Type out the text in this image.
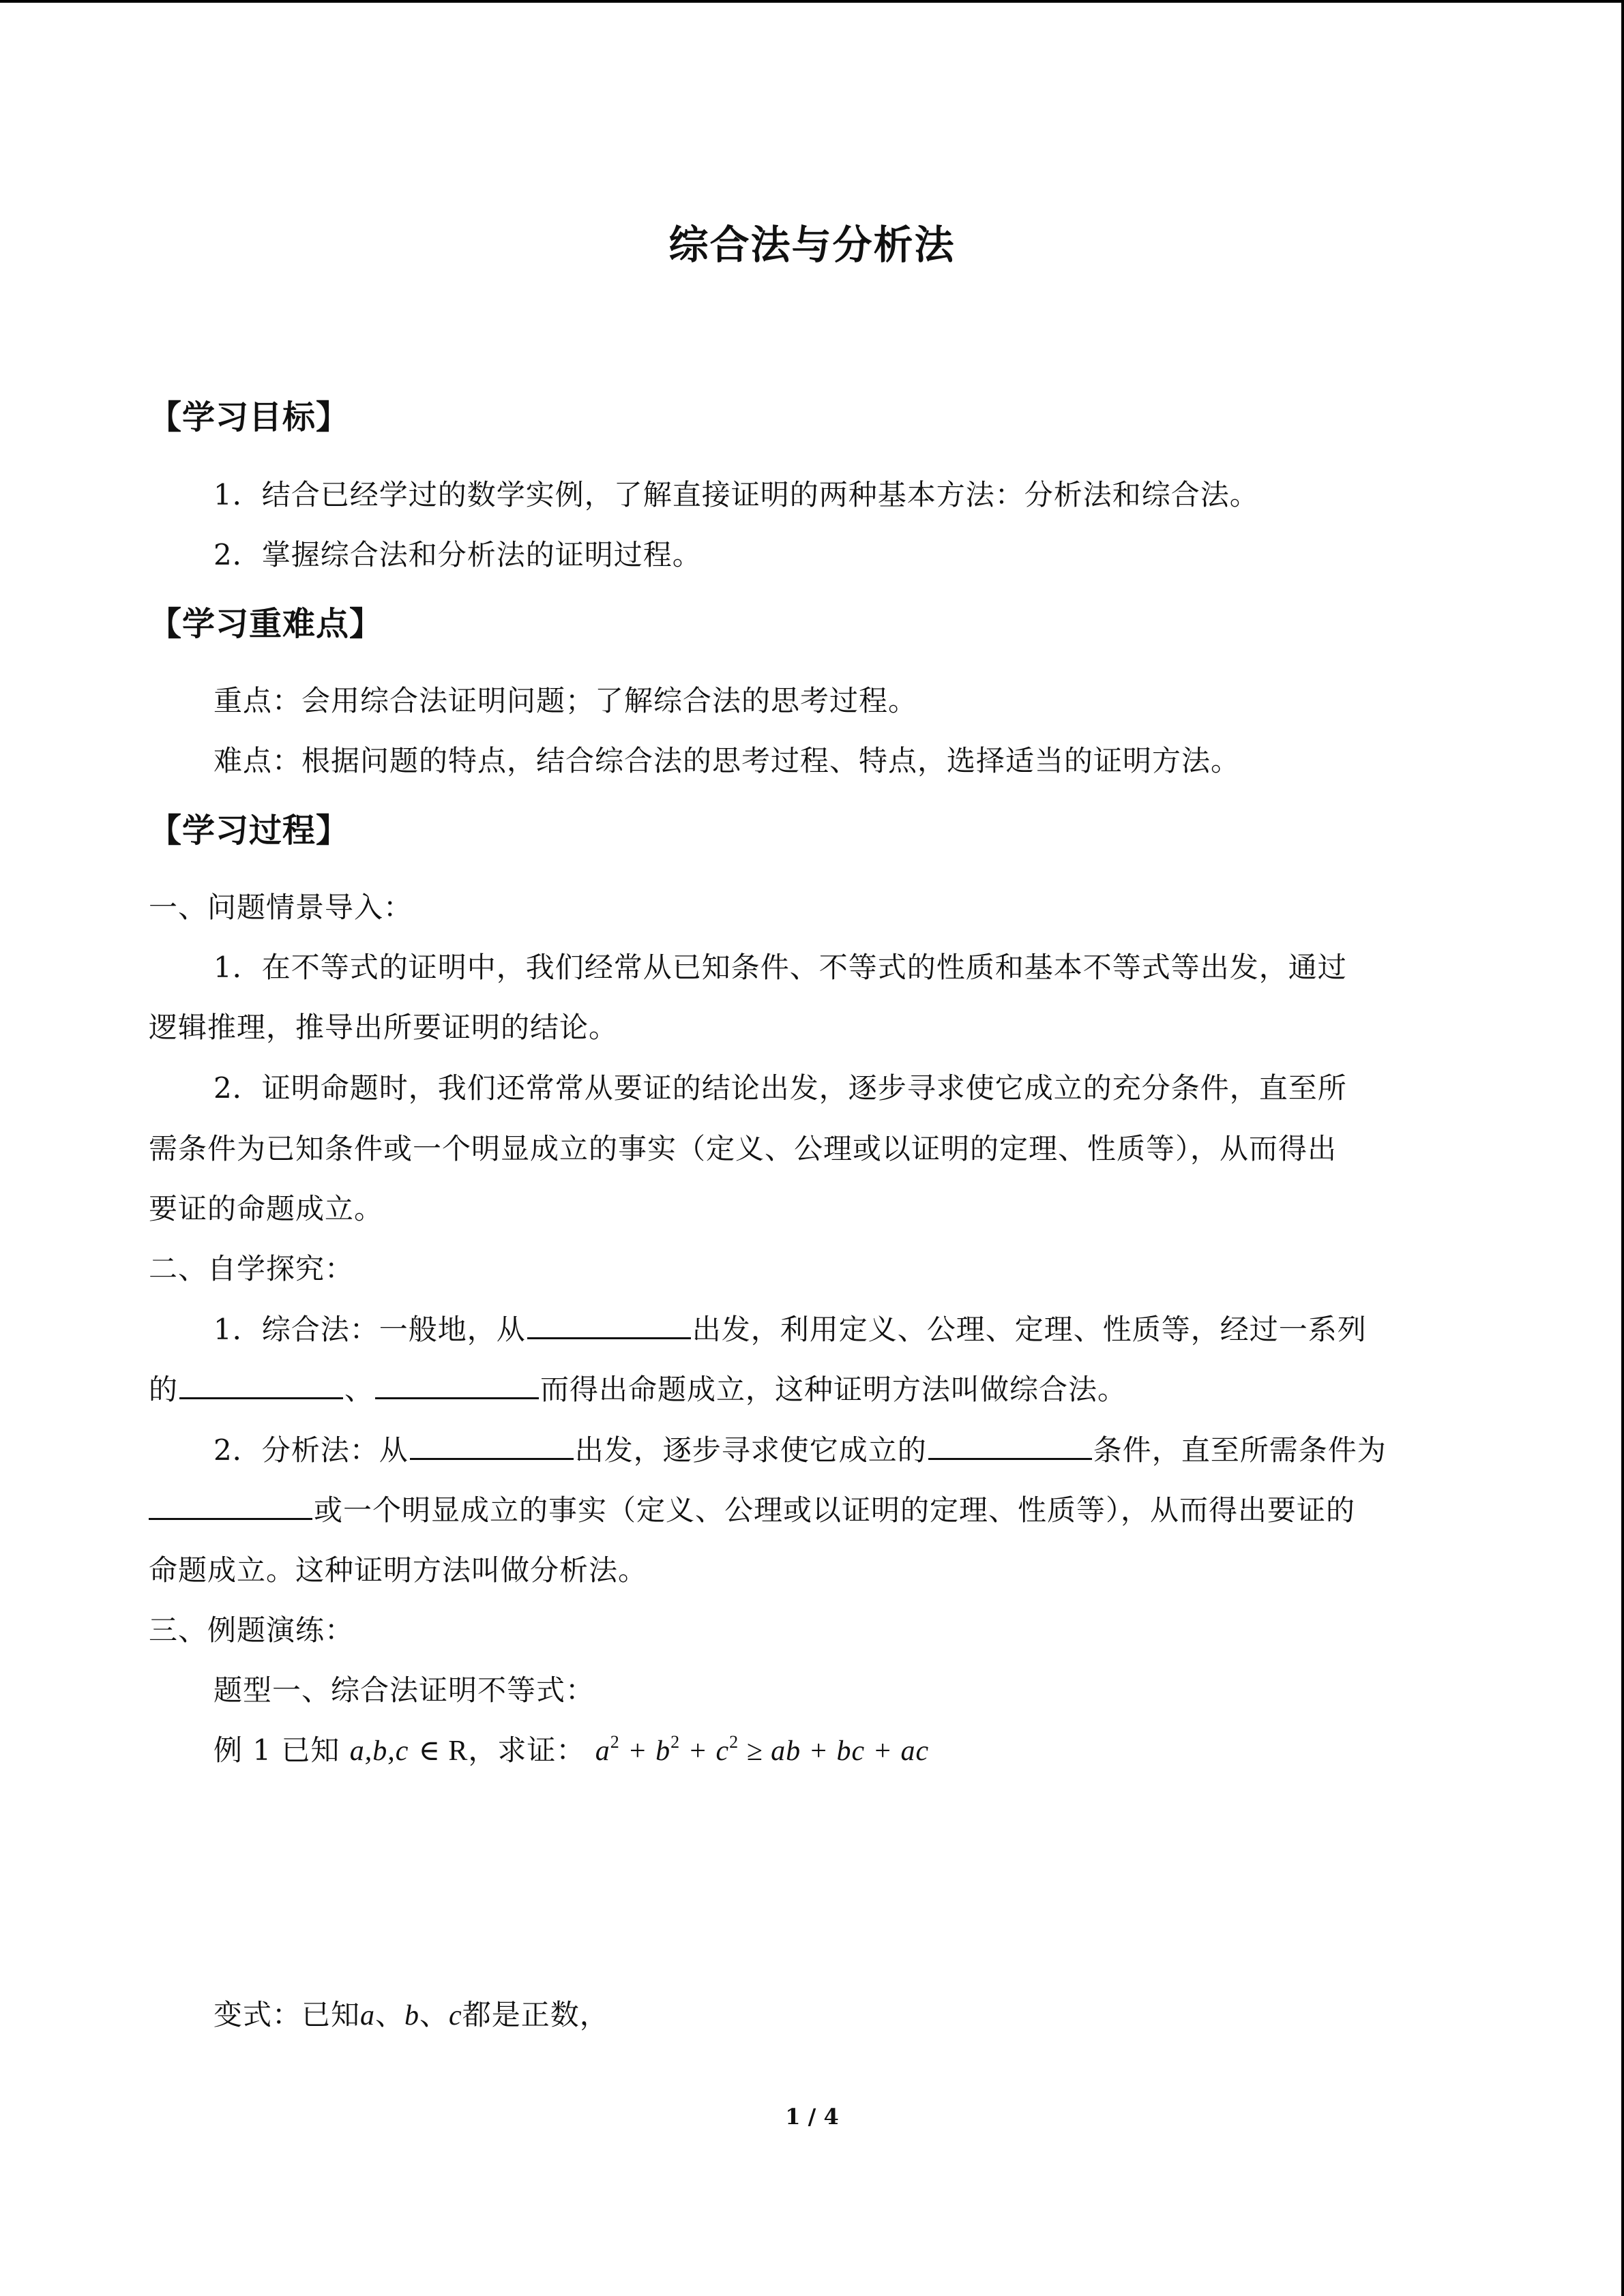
综合法与分析法
【学习目标】
1．结合已经学过的数学实例，了解直接证明的两种基本方法：分析法和综合法。
2．掌握综合法和分析法的证明过程。
【学习重难点】
重点：会用综合法证明问题；了解综合法的思考过程。
难点：根据问题的特点，结合综合法的思考过程、特点，选择适当的证明方法。
【学习过程】
一、问题情景导入：
1．在不等式的证明中，我们经常从已知条件、不等式的性质和基本不等式等出发，通过
逻辑推理，推导出所要证明的结论。
2．证明命题时，我们还常常从要证的结论出发，逐步寻求使它成立的充分条件，直至所
需条件为已知条件或一个明显成立的事实（定义、公理或以证明的定理、性质等），从而得出
要证的命题成立。
二、自学探究：
1．综合法：一般地，从	出发，利用定义、公理、定理、性质等，经过一系列
的	、	而得出命题成立，这种证明方法叫做综合法。
2．分析法：从	出发，逐步寻求使它成立的	条件，直至所需条件为
或一个明显成立的事实（定义、公理或以证明的定理、性质等），从而得出要证的
命题成立。这种证明方法叫做分析法。
三、例题演练：
题型一、综合法证明不等式：
例 1 已知 a,b,c ∈ R，求证： $a^2 + b^2 + c^2$ ≥ ab + bc + ac
变式：已知a、b、c都是正数，
1 / 4
